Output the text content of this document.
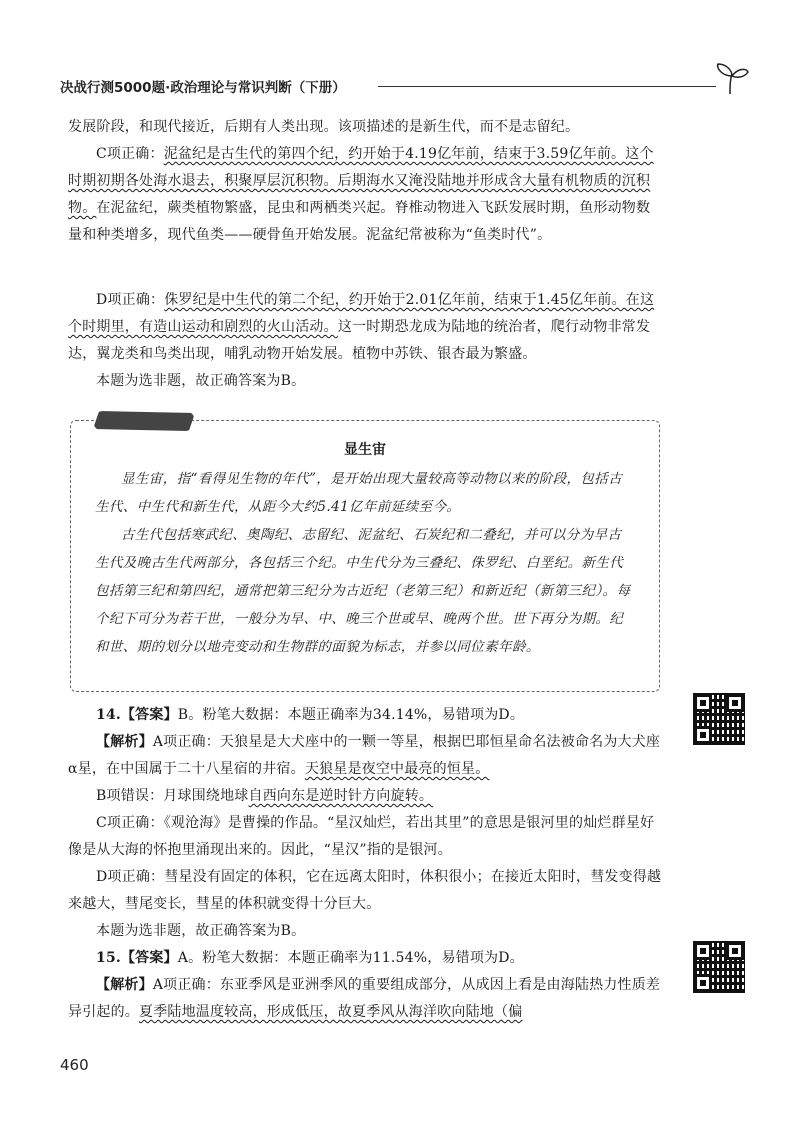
决战行测5000题·政治理论与常识判断（下册）

发展阶段，和现代接近，后期有人类出现。该项描述的是新生代，而不是志留纪。

C项正确：泥盆纪是古生代的第四个纪，约开始于4.19亿年前，结束于3.59亿年前。这个时期初期各处海水退去，积聚厚层沉积物。后期海水又淹没陆地并形成含大量有机物质的沉积物。在泥盆纪，蕨类植物繁盛，昆虫和两栖类兴起。脊椎动物进入飞跃发展时期，鱼形动物数量和种类增多，现代鱼类——硬骨鱼开始发展。泥盆纪常被称为“鱼类时代”。

D项正确：侏罗纪是中生代的第二个纪，约开始于2.01亿年前，结束于1.45亿年前。在这个时期里，有造山运动和剧烈的火山活动。这一时期恐龙成为陆地的统治者，爬行动物非常发达，翼龙类和鸟类出现，哺乳动物开始发展。植物中苏铁、银杏最为繁盛。

本题为选非题，故正确答案为B。

显生宙

显生宙，指“看得见生物的年代”，是开始出现大量较高等动物以来的阶段，包括古生代、中生代和新生代，从距今大约5.41亿年前延续至今。

古生代包括寒武纪、奥陶纪、志留纪、泥盆纪、石炭纪和二叠纪，并可以分为早古生代及晚古生代两部分，各包括三个纪。中生代分为三叠纪、侏罗纪、白垩纪。新生代包括第三纪和第四纪，通常把第三纪分为古近纪（老第三纪）和新近纪（新第三纪）。每个纪下可分为若干世，一般分为早、中、晚三个世或早、晚两个世。世下再分为期。纪和世、期的划分以地壳变动和生物群的面貌为标志，并参以同位素年龄。

14.【答案】B。粉笔大数据：本题正确率为34.14%，易错项为D。

【解析】A项正确：天狼星是大犬座中的一颗一等星，根据巴耶恒星命名法被命名为大犬座α星，在中国属于二十八星宿的井宿。天狼星是夜空中最亮的恒星。

B项错误：月球围绕地球自西向东是逆时针方向旋转。

C项正确：《观沧海》是曹操的作品。“星汉灿烂，若出其里”的意思是银河里的灿烂群星好像是从大海的怀抱里涌现出来的。因此，“星汉”指的是银河。

D项正确：彗星没有固定的体积，它在远离太阳时，体积很小；在接近太阳时，彗发变得越来越大，彗尾变长，彗星的体积就变得十分巨大。

本题为选非题，故正确答案为B。

15.【答案】A。粉笔大数据：本题正确率为11.54%，易错项为D。

【解析】A项正确：东亚季风是亚洲季风的重要组成部分，从成因上看是由海陆热力性质差异引起的。夏季陆地温度较高，形成低压，故夏季风从海洋吹向陆地（偏

460
